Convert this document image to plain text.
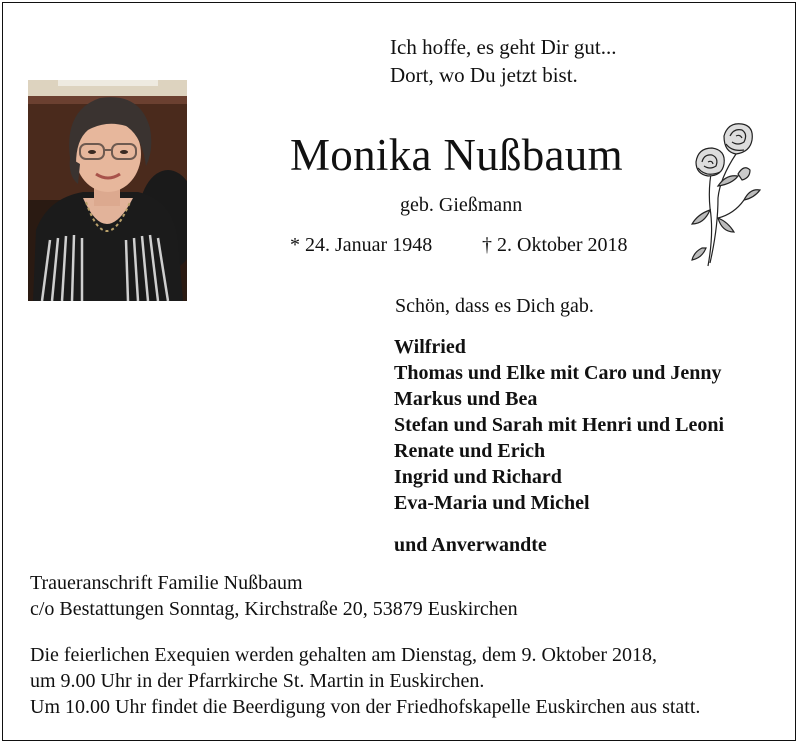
Ich hoffe, es geht Dir gut...
Dort, wo Du jetzt bist.
Monika Nußbaum
geb. Gießmann
* 24. Januar 1948 † 2. Oktober 2018
Schön, dass es Dich gab.
Wilfried
Thomas und Elke mit Caro und Jenny
Markus und Bea
Stefan und Sarah mit Henri und Leoni
Renate und Erich
Ingrid und Richard
Eva-Maria und Michel
und Anverwandte
Traueranschrift Familie Nußbaum
c/o Bestattungen Sonntag, Kirchstraße 20, 53879 Euskirchen
Die feierlichen Exequien werden gehalten am Dienstag, dem 9. Oktober 2018,
um 9.00 Uhr in der Pfarrkirche St. Martin in Euskirchen.
Um 10.00 Uhr findet die Beerdigung von der Friedhofskapelle Euskirchen aus statt.
